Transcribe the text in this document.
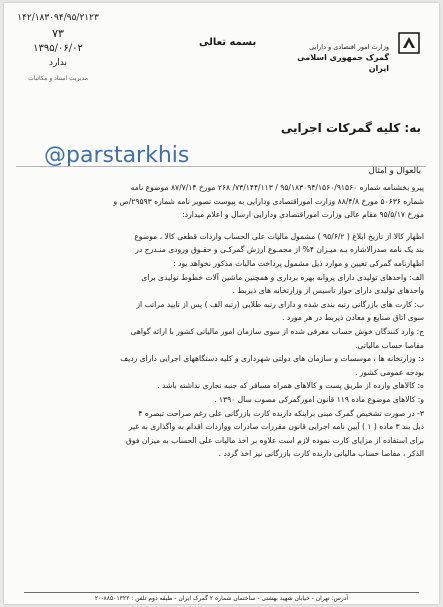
۱۴۲/۱۸۳۰۹۴/۹۵/۲۱۲۳
۷۳
۱۳۹۵/۰۶/۰۲
ندارد
مدیریت اسناد و مکاتبات
بسمه تعالی	وزارت امور اقتصادی و دارایی
گمرک جمهوری اسلامی ایران
به: کلیه گمرکات اجرایی
@parstarkhis
بالعوال و امثال

پیرو بخشنامه شماره ۹۵/۱۸۳۰۹۴/۱۵۶۰/۹۱۵۶۰ / ۷۳/۱۴۴/۱۱۳/ ۲۶۸ مورخ ۸۷/۷/۱۴ موضوع نامه

شماره ۵۰۶۳۶ مورخ ۸۸/۴/۸ وزارت اموراقتصادی ودارایی به پیوست تصویر نامه شماره ۲۹۵۹۳/ص و

مورخ ۹۵/۵/۱۷ مقام عالی وزارت اموراقتصادی ودارایی ارسال و اعلام میدارد:

اظهار کالا از تاریخ ابلاغ ( ۹۵/۶/۲ ) مشمول مالیات علی الحساب واردات قطعی کالا ، موضوع

بند یک نامه صدرالاشاره بـه میـزان ۴% از مجمـوع ارزش گمرکـی و حقـوق ورودی منـدرج در

اظهارنامه گمرکی تعیین و موارد ذیل مشمول پرداخت مالیات مذکور نخواهد بود :

الف: واحدهای تولیدی دارای پروانه بهره برداری و همچنین ماشین آلات خطوط تولیدی برای

واحدهای تولیدی دارای جواز تاسیس از وزارتخانه های ذیربط .

ب: کارت های بازرگانی رتبه بندی شده و دارای رتبه طلایی (رتبه الف ) پس از تایید مراتب از

سوی اتاق صنایع و معادن ذیربط در هر مورد .

ج: وارد کنندگان خوش حساب معرفی شده از سوی سازمان امور مالیاتی کشور با ارائه گواهی

مفاصا حساب مالیاتی.

د: وزارتخانه ها ، موسسات و سازمان های دولتی شهرداری و کلیه دستگاههای اجرایی دارای ردیف

بودجه عمومی کشور .

ه: کالاهای وارده از طریق پست و کالاهای همراه مسافر که جنبه تجاری نداشته باشد .

و: کالاهای موضوع ماده ۱۱۹ قانون امورگمرکی مصوب سال ۱۳۹۰ .

۳- در صورت تشخیص گمرک مبنی براینکه دارنده کارت بازرگانی علی رغم صراحت تبصره ۴

ذیل بند ۳ ماده ( ۱ ) آیین نامه اجرایی قانون مقررات صادرات وواردات اقدام به واگذاری به غیر

برای استفاده از مزایای کارت نموده لازم است علاوه بر اخذ مالیات علی الحساب به میزان فوق

الذکر ، مفاصا حساب مالیاتی دارنده کارت بازرگانی نیز اخذ گردد .

آدرس: تهران - خیابان شهید بهشتی - ساختمان شماره ۲ گمرک ایران - طبقه دوم تلفن : ۸۸۵۰۱۳۲۲-۲۰
